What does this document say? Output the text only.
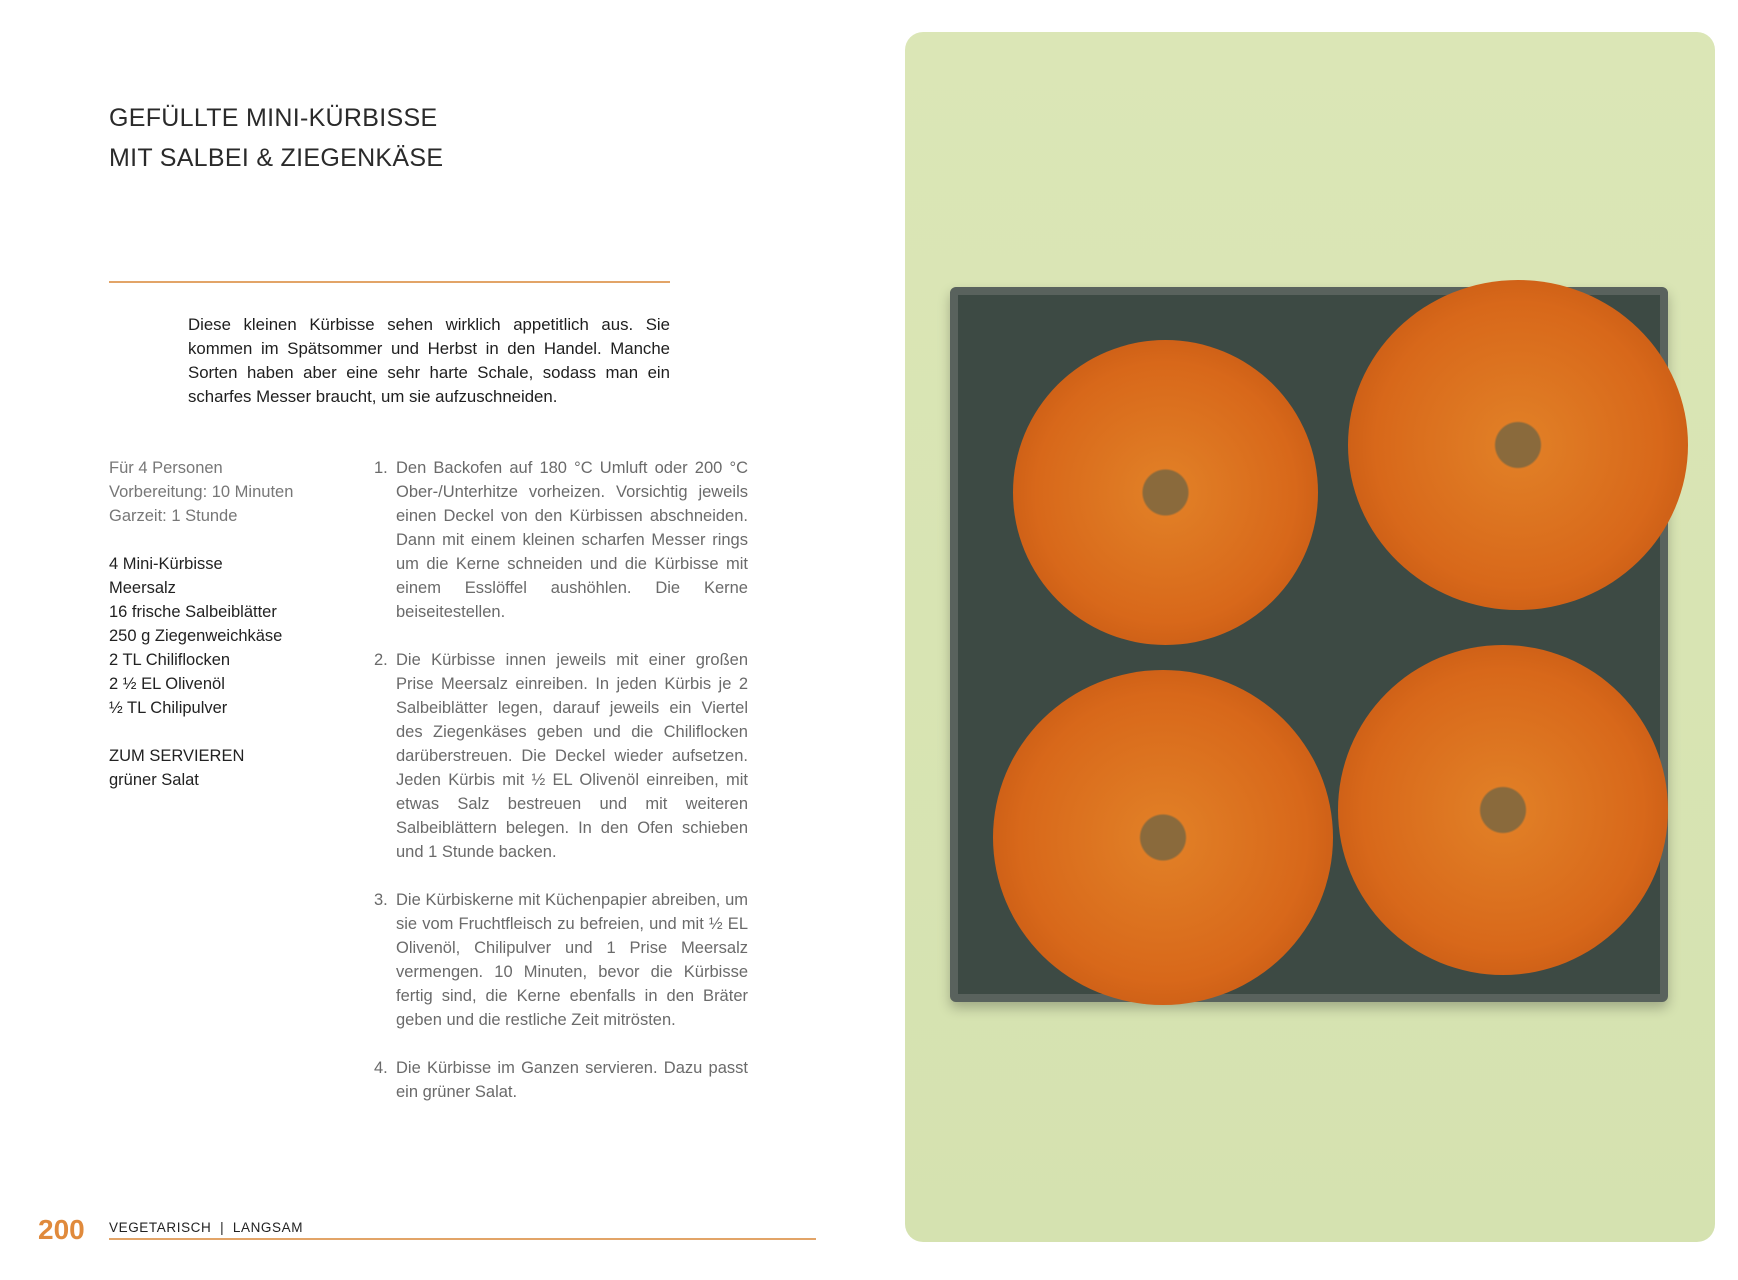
GEFÜLLTE MINI-KÜRBISSE
MIT SALBEI & ZIEGENKÄSE

Diese kleinen Kürbisse sehen wirklich appetitlich aus. Sie kommen im Spätsommer und Herbst in den Handel. Manche Sorten haben aber eine sehr harte Schale, sodass man ein scharfes Messer braucht, um sie aufzuschneiden.

Für 4 Personen
Vorbereitung: 10 Minuten
Garzeit: 1 Stunde
4 Mini-Kürbisse
Meersalz
16 frische Salbeiblätter
250 g Ziegenweichkäse
2 TL Chiliflocken
2 ½ EL Olivenöl
½ TL Chilipulver
ZUM SERVIEREN
grüner Salat
1. Den Backofen auf 180 °C Umluft oder 200 °C Ober-/Unterhitze vorheizen. Vorsichtig jeweils einen Deckel von den Kürbissen abschneiden. Dann mit einem kleinen scharfen Messer rings um die Kerne schneiden und die Kürbisse mit einem Esslöffel aushöhlen. Die Kerne beiseitestellen.
2. Die Kürbisse innen jeweils mit einer großen Prise Meersalz einreiben. In jeden Kürbis je 2 Salbeiblätter legen, darauf jeweils ein Viertel des Ziegenkäses geben und die Chiliflocken darüberstreuen. Die Deckel wieder aufsetzen. Jeden Kürbis mit ½ EL Olivenöl einreiben, mit etwas Salz bestreuen und mit weiteren Salbeiblättern belegen. In den Ofen schieben und 1 Stunde backen.
3. Die Kürbiskerne mit Küchenpapier abreiben, um sie vom Fruchtfleisch zu befreien, und mit ½ EL Olivenöl, Chilipulver und 1 Prise Meersalz vermengen. 10 Minuten, bevor die Kürbisse fertig sind, die Kerne ebenfalls in den Bräter geben und die restliche Zeit mitrösten.
4. Die Kürbisse im Ganzen servieren. Dazu passt ein grüner Salat.
200 VEGETARISCH  |  LANGSAM
